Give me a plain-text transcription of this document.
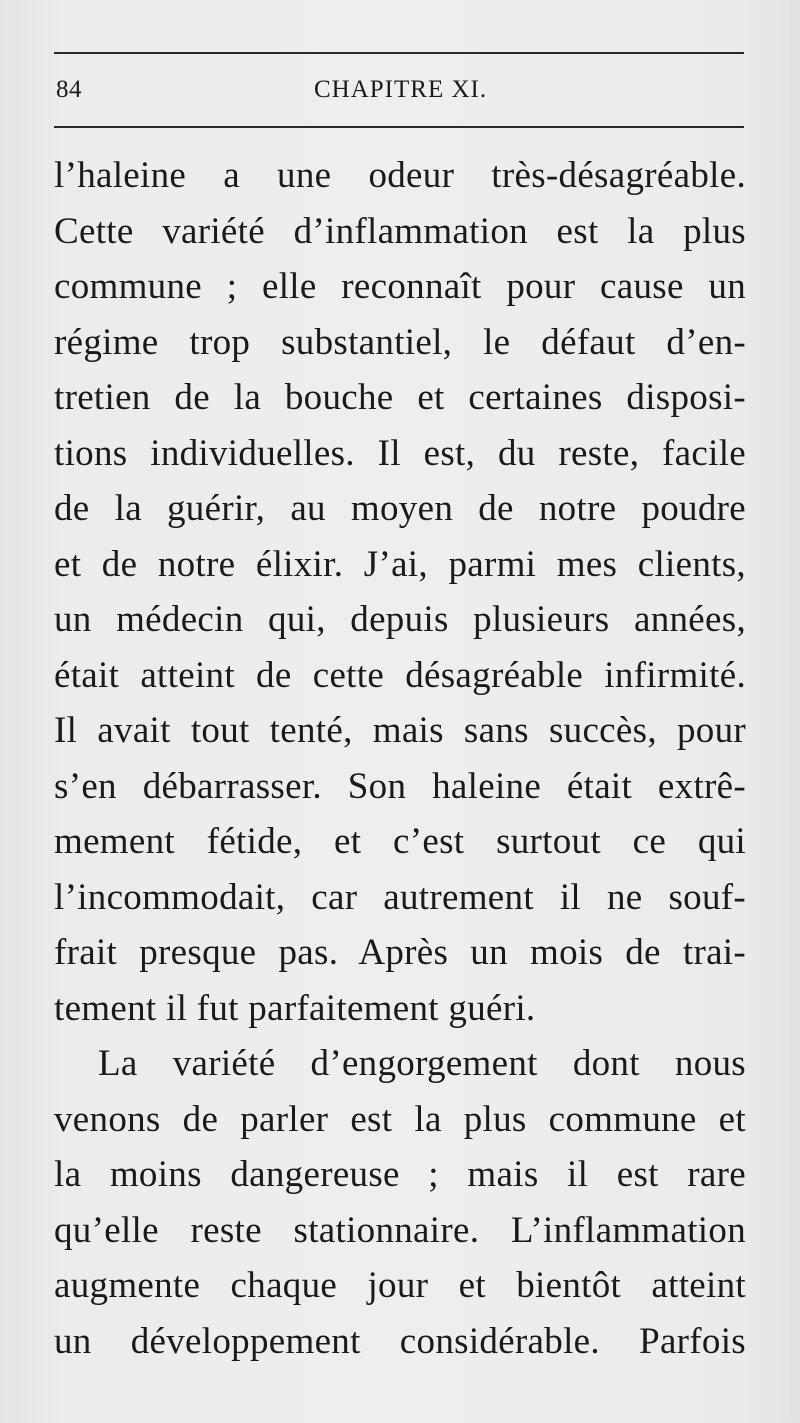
84	CHAPITRE XI.
l’haleine a une odeur très-désagréable.
Cette variété d’inflammation est la plus
commune ; elle reconnaît pour cause un
régime trop substantiel, le défaut d’en-
tretien de la bouche et certaines disposi-
tions individuelles. Il est, du reste, facile
de la guérir, au moyen de notre poudre
et de notre élixir. J’ai, parmi mes clients,
un médecin qui, depuis plusieurs années,
était atteint de cette désagréable infirmité.
Il avait tout tenté, mais sans succès, pour
s’en débarrasser. Son haleine était extrê-
mement fétide, et c’est surtout ce qui
l’incommodait, car autrement il ne souf-
frait presque pas. Après un mois de trai-
tement il fut parfaitement guéri.
La variété d’engorgement dont nous
venons de parler est la plus commune et
la moins dangereuse ; mais il est rare
qu’elle reste stationnaire. L’inflammation
augmente chaque jour et bientôt atteint
un développement considérable. Parfois
